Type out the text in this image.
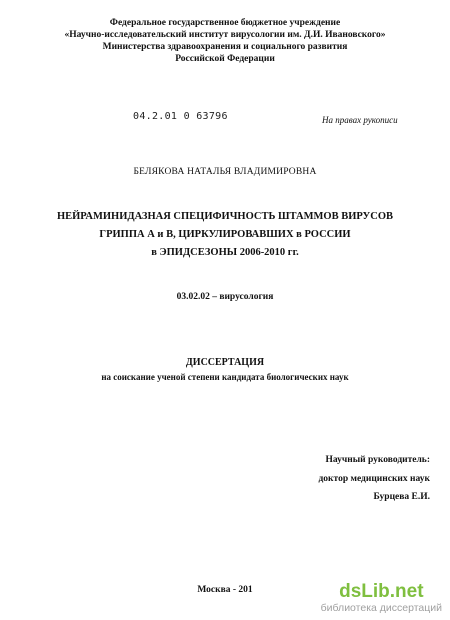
Федеральное государственное бюджетное учреждение
«Научно-исследовательский институт вирусологии им. Д.И. Ивановского»
Министерства здравоохранения и социального развития
Российской Федерации
04.2.01 0 63796	На правах рукописи
БЕЛЯКОВА НАТАЛЬЯ ВЛАДИМИРОВНА
НЕЙРАМИНИДАЗНАЯ СПЕЦИФИЧНОСТЬ ШТАММОВ ВИРУСОВ
ГРИППА А и В, ЦИРКУЛИРОВАВШИХ в РОССИИ
в ЭПИДСЕЗОНЫ 2006-2010 гг.
03.02.02 – вирусология
ДИССЕРТАЦИЯ
на соискание ученой степени кандидата биологических наук
Научный руководитель:
доктор медицинских наук
Бурцева Е.И.
Москва - 201	dsLib.net
библиотека диссертаций
